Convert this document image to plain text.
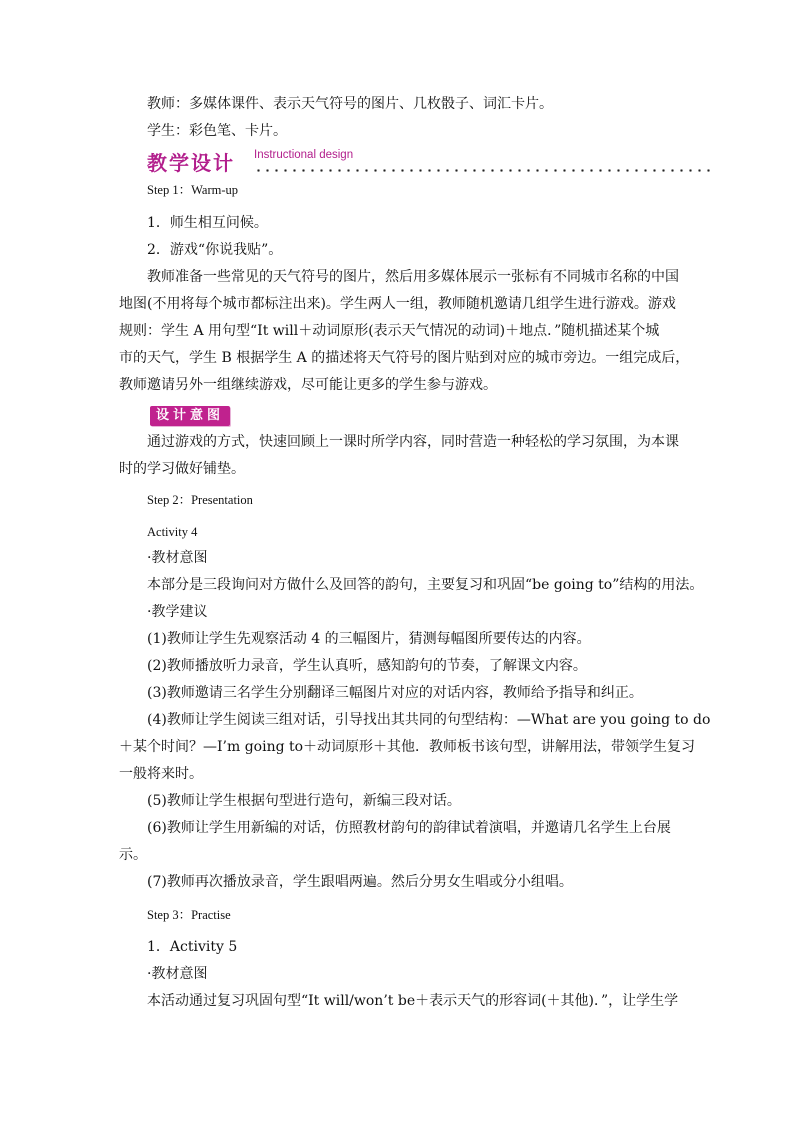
教师：多媒体课件、表示天气符号的图片、几枚骰子、词汇卡片。
学生：彩色笔、卡片。
教学设计 Instructional design
Step 1：Warm-up
1．师生相互问候。
2．游戏“你说我贴”。
教师准备一些常见的天气符号的图片，然后用多媒体展示一张标有不同城市名称的中国
地图(不用将每个城市都标注出来)。学生两人一组，教师随机邀请几组学生进行游戏。游戏
规则：学生 A 用句型“It will＋动词原形(表示天气情况的动词)＋地点．”随机描述某个城
市的天气，学生 B 根据学生 A 的描述将天气符号的图片贴到对应的城市旁边。一组完成后，
教师邀请另外一组继续游戏，尽可能让更多的学生参与游戏。
设计意图
通过游戏的方式，快速回顾上一课时所学内容，同时营造一种轻松的学习氛围，为本课
时的学习做好铺垫。
Step 2：Presentation
Activity 4
·教材意图
本部分是三段询问对方做什么及回答的韵句，主要复习和巩固“be going to”结构的用法。
·教学建议
(1)教师让学生先观察活动 4 的三幅图片，猜测每幅图所要传达的内容。
(2)教师播放听力录音，学生认真听，感知韵句的节奏，了解课文内容。
(3)教师邀请三名学生分别翻译三幅图片对应的对话内容，教师给予指导和纠正。
(4)教师让学生阅读三组对话，引导找出其共同的句型结构：—What are you going to do
＋某个时间？—I’m going to＋动词原形＋其他．教师板书该句型，讲解用法，带领学生复习
一般将来时。
(5)教师让学生根据句型进行造句，新编三段对话。
(6)教师让学生用新编的对话，仿照教材韵句的韵律试着演唱，并邀请几名学生上台展
示。
(7)教师再次播放录音，学生跟唱两遍。然后分男女生唱或分小组唱。
Step 3：Practise
1．Activity 5
·教材意图
本活动通过复习巩固句型“It will/won’t be＋表示天气的形容词(＋其他)．”，让学生学
